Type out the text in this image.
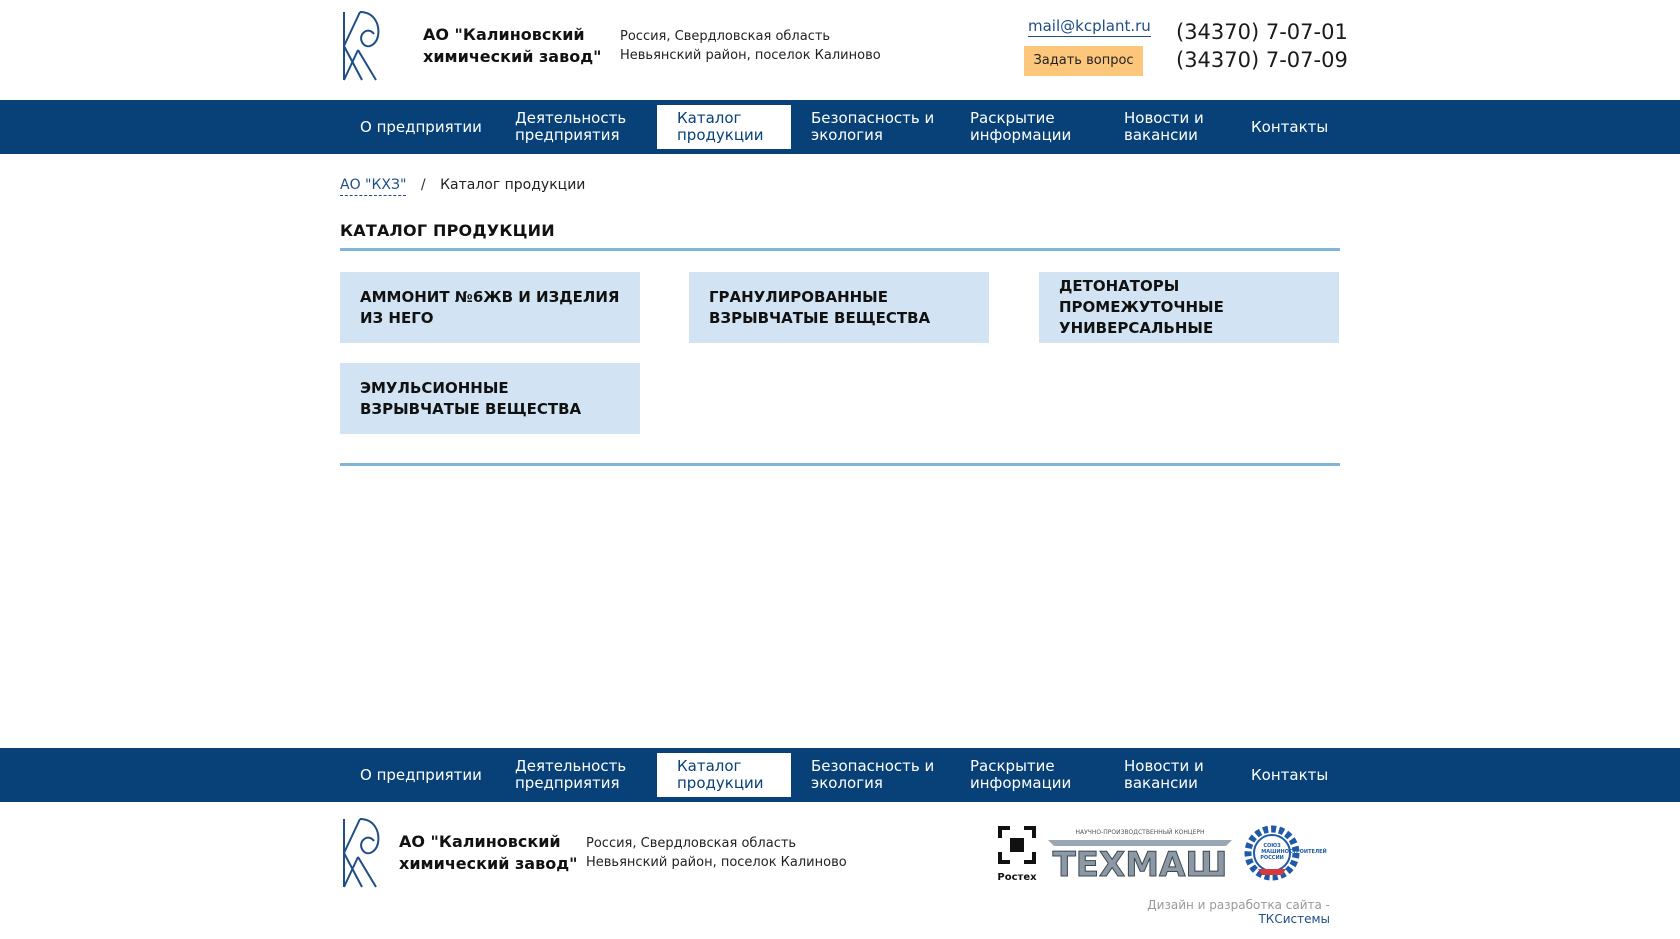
АО "Калиновский
химический завод"
Россия, Свердловская область
Невьянский район, поселок Калиново
mail@kcplant.ru
Задать вопрос
(34370) 7-07-01
(34370) 7-07-09
О предприятии	Деятельность
предприятия
Каталог
продукции
Безопасность и
экология
Раскрытие
информации
Новости и
вакансии	Контакты
АО "КХЗ" / Каталог продукции
КАТАЛОГ ПРОДУКЦИИ
АММОНИТ №6ЖВ И ИЗДЕЛИЯ ИЗ НЕГО
ГРАНУЛИРОВАННЫЕ ВЗРЫВЧАТЫЕ ВЕЩЕСТВА
ДЕТОНАТОРЫ ПРОМЕЖУТОЧНЫЕ УНИВЕРСАЛЬНЫЕ
ЭМУЛЬСИОННЫЕ ВЗРЫВЧАТЫЕ ВЕЩЕСТВА
О предприятии	Деятельность
предприятия
Каталог
продукции
Безопасность и
экология
Раскрытие
информации
Новости и
вакансии	Контакты
АО "Калиновский
химический завод"
Россия, Свердловская область
Невьянский район, поселок Калиново
Ростех
НАУЧНО-ПРОИЗВОДСТВЕННЫЙ КОНЦЕРН
ТЕХМАШ	СОЮЗ
МАШИНОСТРОИТЕЛЕЙ
РОССИИ
Дизайн и разработка сайта - ТКСистемы
